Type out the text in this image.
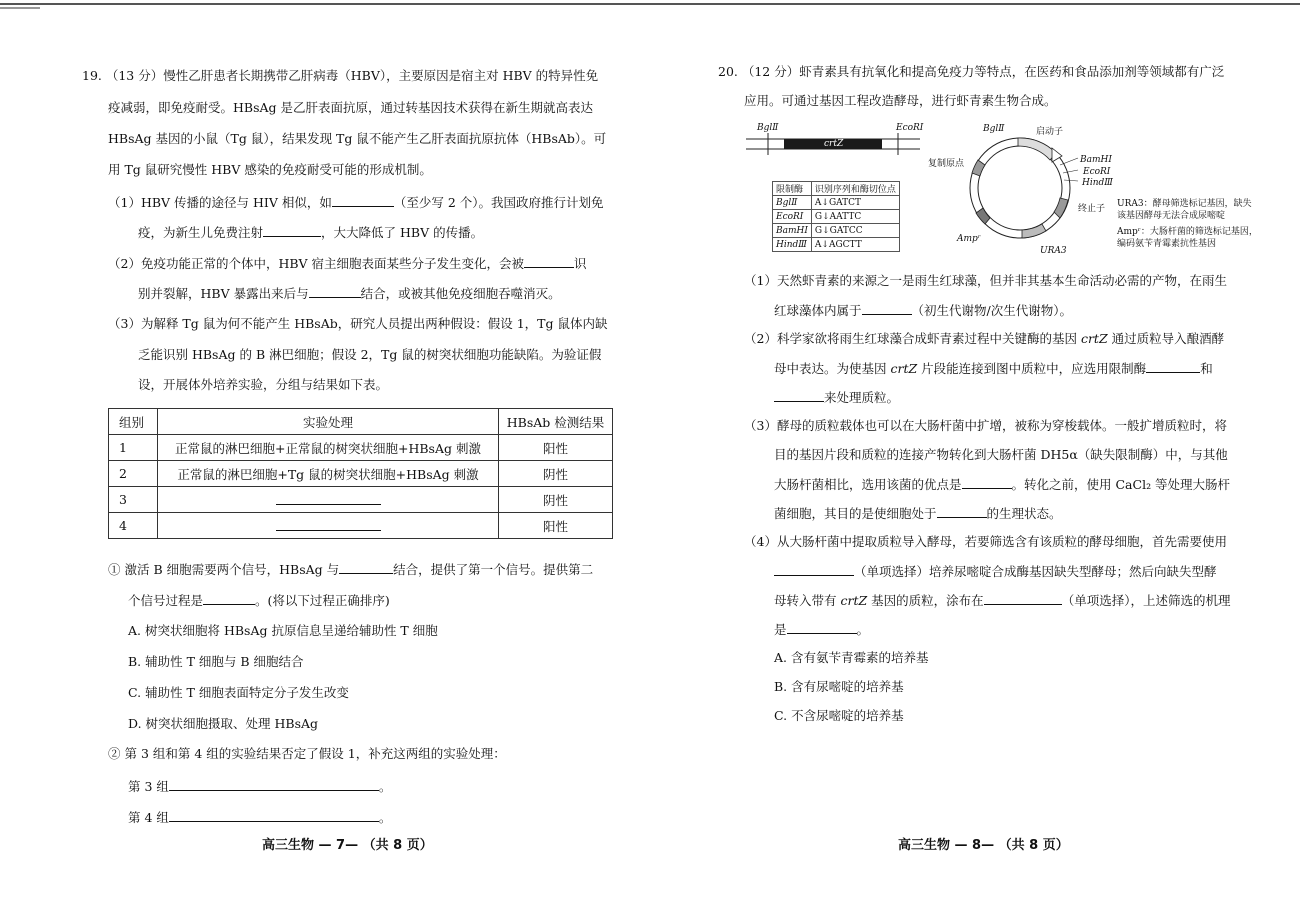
19. （13 分）慢性乙肝患者长期携带乙肝病毒（HBV），主要原因是宿主对 HBV 的特异性免
疫减弱，即免疫耐受。HBsAg 是乙肝表面抗原，通过转基因技术获得在新生期就高表达
HBsAg 基因的小鼠（Tg 鼠），结果发现 Tg 鼠不能产生乙肝表面抗原抗体（HBsAb）。可
用 Tg 鼠研究慢性 HBV 感染的免疫耐受可能的形成机制。
（1）HBV 传播的途径与 HIV 相似，如	（至少写 2 个）。我国政府推行计划免
疫，为新生儿免费注射	，大大降低了 HBV 的传播。
（2）免疫功能正常的个体中，HBV 宿主细胞表面某些分子发生变化，会被	识
别并裂解，HBV 暴露出来后与	结合，或被其他免疫细胞吞噬消灭。
（3）为解释 Tg 鼠为何不能产生 HBsAb，研究人员提出两种假设：假设 1，Tg 鼠体内缺
乏能识别 HBsAg 的 B 淋巴细胞；假设 2，Tg 鼠的树突状细胞功能缺陷。为验证假
设，开展体外培养实验，分组与结果如下表。
组别	实验处理	HBsAb 检测结果
1	正常鼠的淋巴细胞+正常鼠的树突状细胞+HBsAg 刺激	阳性
2	正常鼠的淋巴细胞+Tg 鼠的树突状细胞+HBsAg 刺激	阴性
3		阴性
4		阳性
① 激活 B 细胞需要两个信号，HBsAg 与	结合，提供了第一个信号。提供第二
个信号过程是	。(将以下过程正确排序)
A. 树突状细胞将 HBsAg 抗原信息呈递给辅助性 T 细胞
B. 辅助性 T 细胞与 B 细胞结合
C. 辅助性 T 细胞表面特定分子发生改变
D. 树突状细胞摄取、处理 HBsAg
② 第 3 组和第 4 组的实验结果否定了假设 1，补充这两组的实验处理：
第 3 组	。
第 4 组	。
高三生物 — 7— （共 8 页）
20. （12 分）虾青素具有抗氧化和提高免疫力等特点，在医药和食品添加剂等领域都有广泛
应用。可通过基因工程改造酵母，进行虾青素生物合成。
BglⅡ	EcoRⅠ
crtZ
限制酶	识别序列和酶切位点
BglⅡ	A↓GATCT
EcoRⅠ	G↓AATTC
BamHⅠ	G↓GATCC
HindⅢ	A↓AGCTT
BglⅡ	启动子
复制原点	BamHⅠ
EcoRⅠ
HindⅢ
终止子
Ampʳ
URA3
URA3：酵母筛选标记基因，缺失
该基因酵母无法合成尿嘧啶
Ampʳ：大肠杆菌的筛选标记基因，
编码氨苄青霉素抗性基因
（1）天然虾青素的来源之一是雨生红球藻，但并非其基本生命活动必需的产物，在雨生
红球藻体内属于	（初生代谢物/次生代谢物）。
（2）科学家欲将雨生红球藻合成虾青素过程中关键酶的基因 crtZ 通过质粒导入酿酒酵
母中表达。为使基因 crtZ 片段能连接到图中质粒中，应选用限制酶	和
来处理质粒。
（3）酵母的质粒载体也可以在大肠杆菌中扩增，被称为穿梭载体。一般扩增质粒时，将
目的基因片段和质粒的连接产物转化到大肠杆菌 DH5α（缺失限制酶）中，与其他
大肠杆菌相比，选用该菌的优点是	。转化之前，使用 CaCl₂ 等处理大肠杆
菌细胞，其目的是使细胞处于	的生理状态。
（4）从大肠杆菌中提取质粒导入酵母，若要筛选含有该质粒的酵母细胞，首先需要使用
（单项选择）培养尿嘧啶合成酶基因缺失型酵母；然后向缺失型酵
母转入带有 crtZ 基因的质粒，涂布在	（单项选择），上述筛选的机理
是	。
A. 含有氨苄青霉素的培养基
B. 含有尿嘧啶的培养基
C. 不含尿嘧啶的培养基
高三生物 — 8— （共 8 页）
